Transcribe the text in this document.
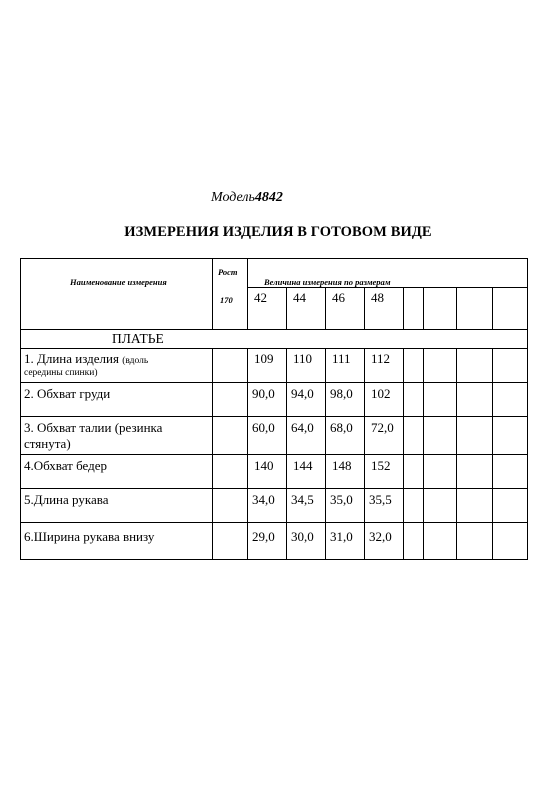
Модель4842
ИЗМЕРЕНИЯ ИЗДЕЛИЯ В ГОТОВОМ ВИДЕ
Наименование измерения
Рост
170
Величина измерения по размерам
42 44 46 48
ПЛАТЬЕ
1. Длина изделия (вдоль
середины спинки)
109 110 111 112
2. Обхват груди	90,0 94,0 98,0 102
3. Обхват талии (резинка
стянута)
60,0 64,0 68,0 72,0
4.Обхват бедер	140 144 148 152
5.Длина рукава	34,0 34,5 35,0 35,5
6.Ширина рукава внизу	29,0 30,0 31,0 32,0
